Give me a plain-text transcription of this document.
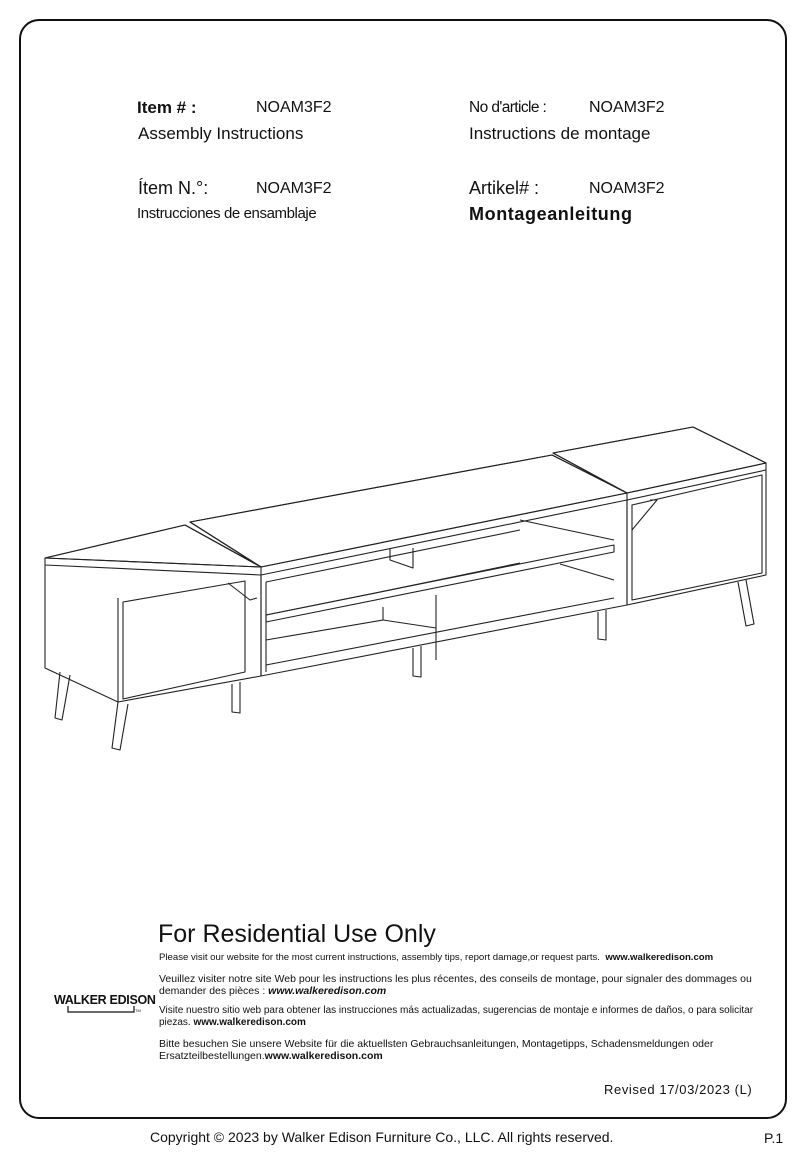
Item # :	NOAM3F2	No d'article :	NOAM3F2
Assembly Instructions	Instructions de montage
Ítem N.°:	NOAM3F2	Artikel# :	NOAM3F2
Instrucciones de ensamblaje	Montageanleitung
For Residential Use Only
Please visit our website for the most current instructions, assembly tips, report damage,or request parts. www.walkeredison.com
Veuillez visiter notre site Web pour les instructions les plus récentes, des conseils de montage, pour signaler des dommages ou demander des pièces : www.walkeredison.com
Visite nuestro sitio web para obtener las instrucciones más actualizadas, sugerencias de montaje e informes de daños, o para solicitar piezas. www.walkeredison.com
Bitte besuchen Sie unsere Website für die aktuellsten Gebrauchsanleitungen, Montagetipps, Schadensmeldungen oder Ersatzteilbestellungen.www.walkeredison.com
WALKER EDISON
TM
Revised 17/03/2023 (L)
Copyright © 2023 by Walker Edison Furniture Co., LLC. All rights reserved.	P.1
